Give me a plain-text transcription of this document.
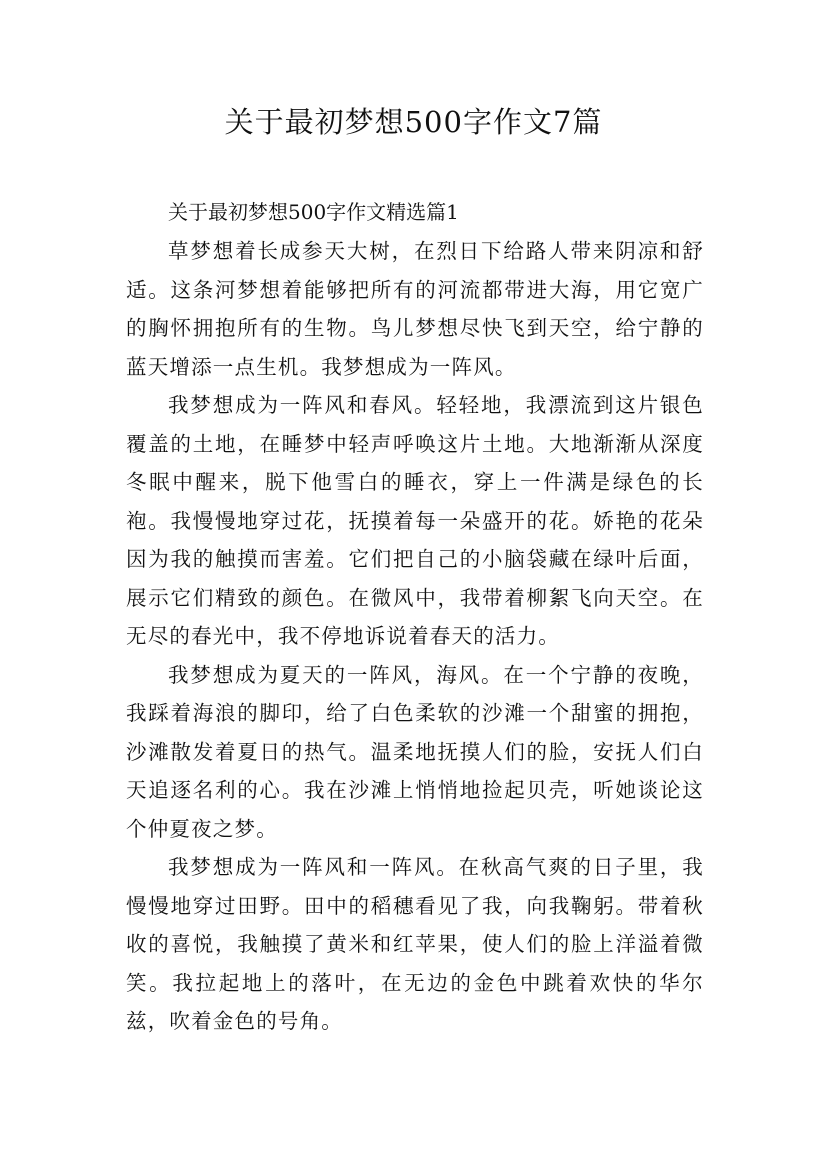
关于最初梦想500字作文7篇

关于最初梦想500字作文精选篇1

草梦想着长成参天大树，在烈日下给路人带来阴凉和舒适。这条河梦想着能够把所有的河流都带进大海，用它宽广的胸怀拥抱所有的生物。鸟儿梦想尽快飞到天空，给宁静的蓝天增添一点生机。我梦想成为一阵风。

我梦想成为一阵风和春风。轻轻地，我漂流到这片银色覆盖的土地，在睡梦中轻声呼唤这片土地。大地渐渐从深度冬眠中醒来，脱下他雪白的睡衣，穿上一件满是绿色的长袍。我慢慢地穿过花，抚摸着每一朵盛开的花。娇艳的花朵因为我的触摸而害羞。它们把自己的小脑袋藏在绿叶后面，展示它们精致的颜色。在微风中，我带着柳絮飞向天空。在无尽的春光中，我不停地诉说着春天的活力。

我梦想成为夏天的一阵风，海风。在一个宁静的夜晚，我踩着海浪的脚印，给了白色柔软的沙滩一个甜蜜的拥抱，沙滩散发着夏日的热气。温柔地抚摸人们的脸，安抚人们白天追逐名利的心。我在沙滩上悄悄地捡起贝壳，听她谈论这个仲夏夜之梦。

我梦想成为一阵风和一阵风。在秋高气爽的日子里，我慢慢地穿过田野。田中的稻穗看见了我，向我鞠躬。带着秋收的喜悦，我触摸了黄米和红苹果，使人们的脸上洋溢着微笑。我拉起地上的落叶，在无边的金色中跳着欢快的华尔兹，吹着金色的号角。
